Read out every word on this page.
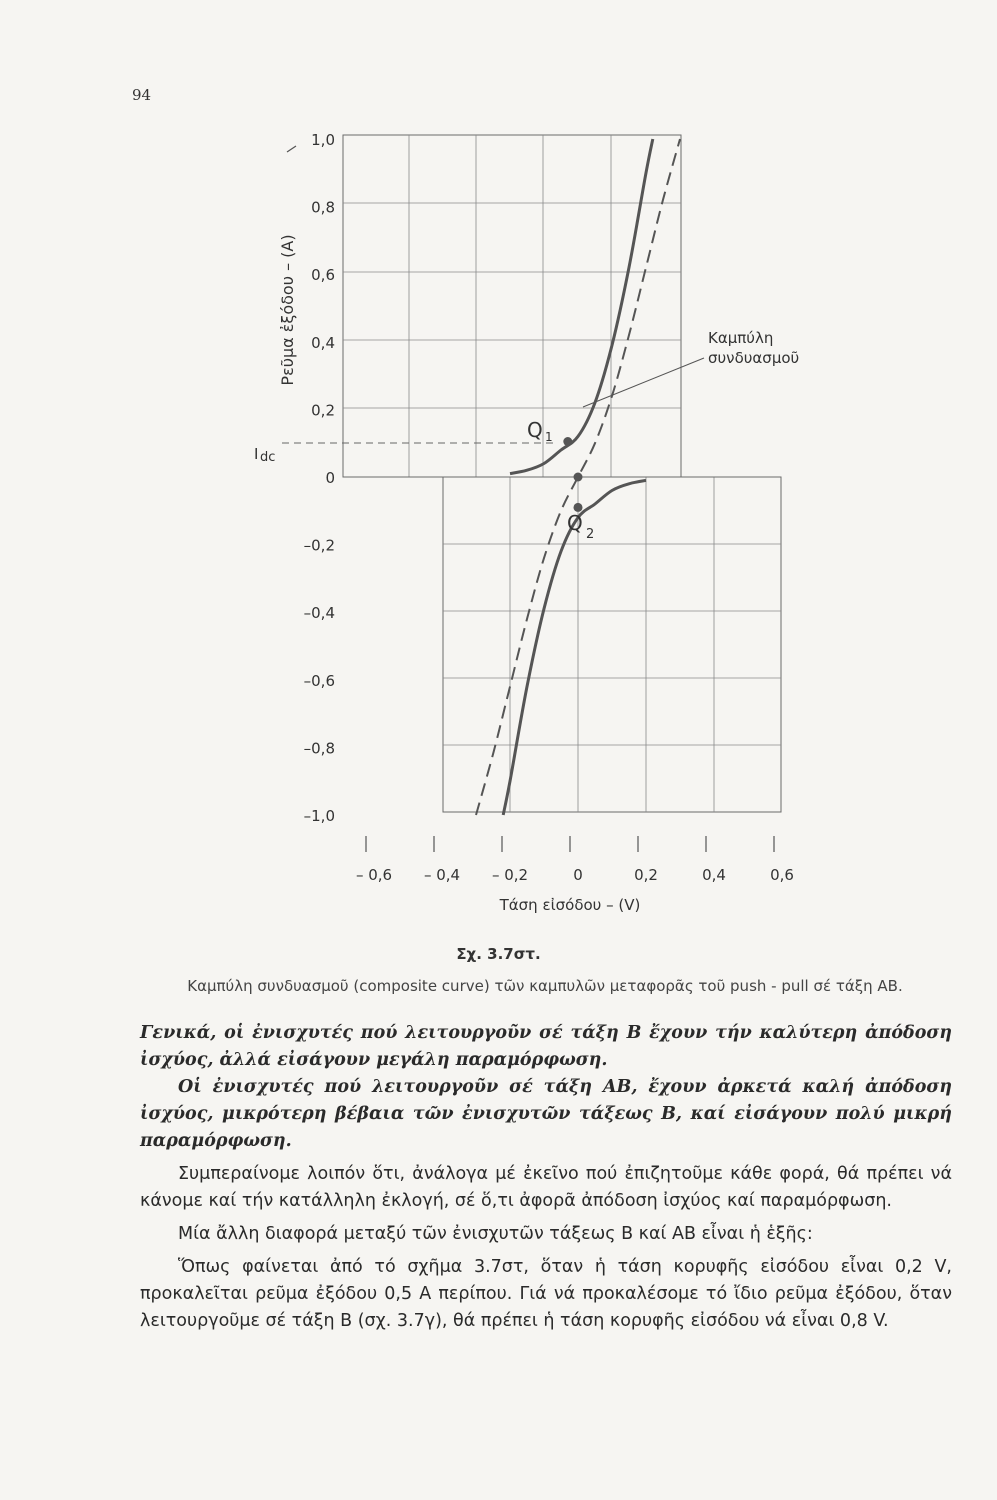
94
1,0
0,8
0,6
0,4
0,2
0
–0,2
–0,4
–0,6
–0,8
–1,0
– 0,6 – 0,4 – 0,2	0	0,2	0,4	0,6
Καμπύλη
συνδυασμοῦ
Q 1
Q 2
I dc
Ρεῦμα ἐξόδου – (A)
Τάση εἰσόδου – (V)
Σχ. 3.7στ.
Καμπύλη συνδυασμοῦ (composite curve) τῶν καμπυλῶν μεταφορᾶς τοῦ push - pull σέ τάξη ΑΒ.

Γενικά, οἱ ἐνισχυτές πού λειτουργοῦν σέ τάξη Β ἔχουν τήν καλύτερη ἀπόδοση ἰσχύος, ἀλλά εἰσάγουν μεγάλη παραμόρφωση.

Οἱ ἐνισχυτές πού λειτουργοῦν σέ τάξη ΑΒ, ἔχουν ἀρκετά καλή ἀπόδοση ἰσχύος, μικρότερη βέβαια τῶν ἐνισχυτῶν τάξεως Β, καί εἰσάγουν πολύ μικρή παραμόρφωση.

Συμπεραίνομε λοιπόν ὅτι, ἀνάλογα μέ ἐκεῖνο πού ἐπιζητοῦμε κάθε φορά, θά πρέπει νά κάνομε καί τήν κατάλληλη ἐκλογή, σέ ὅ,τι ἀφορᾶ ἀπόδοση ἰσχύος καί παραμόρφωση.

Μία ἄλλη διαφορά μεταξύ τῶν ἐνισχυτῶν τάξεως Β καί ΑΒ εἶναι ἡ ἑξῆς:

Ὅπως φαίνεται ἀπό τό σχῆμα 3.7στ, ὅταν ἡ τάση κορυφῆς εἰσόδου εἶναι 0,2 V, προκαλεῖται ρεῦμα ἐξόδου 0,5 Α περίπου. Γιά νά προκαλέσομε τό ἴδιο ρεῦμα ἐξόδου, ὅταν λειτουργοῦμε σέ τάξη Β (σχ. 3.7γ), θά πρέπει ἡ τάση κορυφῆς εἰσόδου νά εἶναι 0,8 V.
